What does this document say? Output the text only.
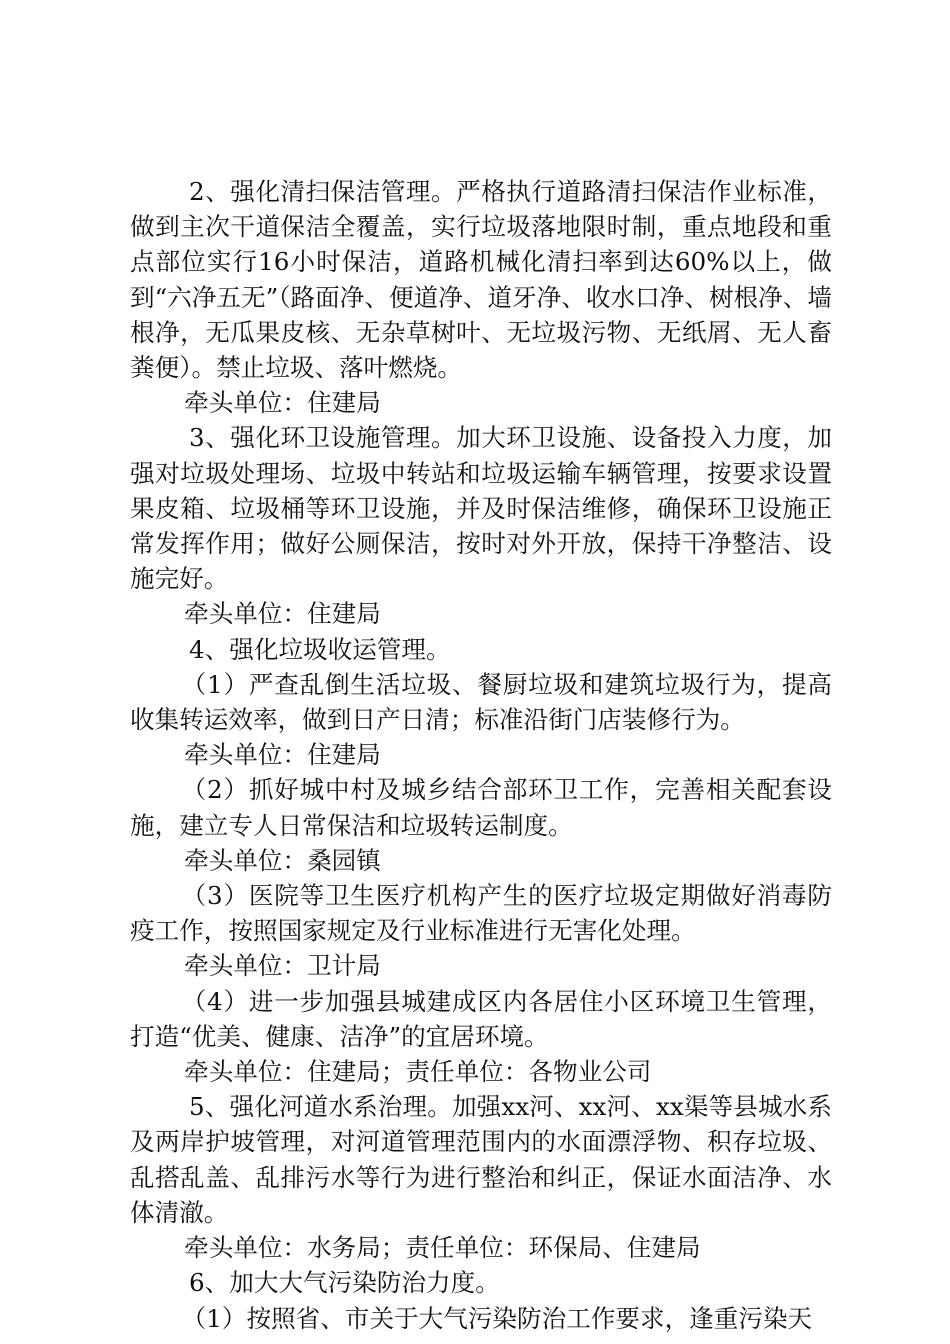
2、强化清扫保洁管理。严格执行道路清扫保洁作业标准，做到主次干道保洁全覆盖，实行垃圾落地限时制，重点地段和重点部位实行16小时保洁，道路机械化清扫率到达60%以上，做到“六净五无”（路面净、便道净、道牙净、收水口净、树根净、墙根净，无瓜果皮核、无杂草树叶、无垃圾污物、无纸屑、无人畜粪便）。禁止垃圾、落叶燃烧。

牵头单位：住建局

3、强化环卫设施管理。加大环卫设施、设备投入力度，加强对垃圾处理场、垃圾中转站和垃圾运输车辆管理，按要求设置果皮箱、垃圾桶等环卫设施，并及时保洁维修，确保环卫设施正常发挥作用；做好公厕保洁，按时对外开放，保持干净整洁、设施完好。

牵头单位：住建局

4、强化垃圾收运管理。

（1）严查乱倒生活垃圾、餐厨垃圾和建筑垃圾行为，提高收集转运效率，做到日产日清；标准沿街门店装修行为。

牵头单位：住建局

（2）抓好城中村及城乡结合部环卫工作，完善相关配套设施，建立专人日常保洁和垃圾转运制度。

牵头单位：桑园镇

（3）医院等卫生医疗机构产生的医疗垃圾定期做好消毒防疫工作，按照国家规定及行业标准进行无害化处理。

牵头单位：卫计局

（4）进一步加强县城建成区内各居住小区环境卫生管理，打造“优美、健康、洁净”的宜居环境。

牵头单位：住建局；责任单位：各物业公司

5、强化河道水系治理。加强xx河、xx河、xx渠等县城水系及两岸护坡管理，对河道管理范围内的水面漂浮物、积存垃圾、乱搭乱盖、乱排污水等行为进行整治和纠正，保证水面洁净、水体清澈。

牵头单位：水务局；责任单位：环保局、住建局

6、加大大气污染防治力度。

（1）按照省、市关于大气污染防治工作要求，逢重污染天
